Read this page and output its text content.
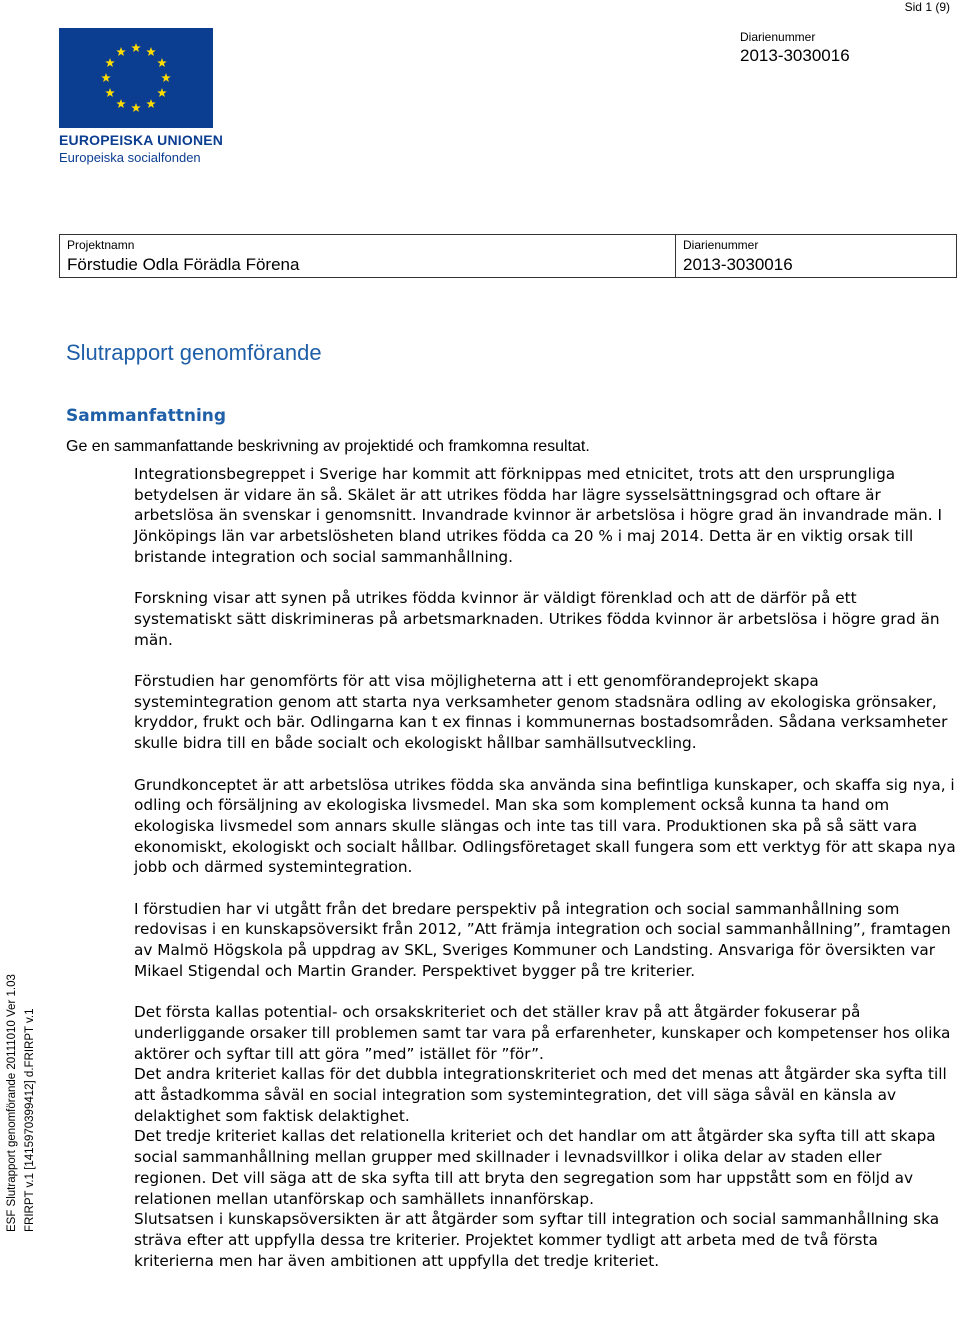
Sid 1 (9)
Diarienummer
2013-3030016
EUROPEISKA UNIONEN
Europeiska socialfonden
Projektnamn
Förstudie Odla Förädla Förena
Diarienummer
2013-3030016
Slutrapport genomförande
Sammanfattning
Ge en sammanfattande beskrivning av projektidé och framkomna resultat.

Integrationsbegreppet i Sverige har kommit att förknippas med etnicitet, trots att den ursprungliga betydelsen är vidare än så. Skälet är att utrikes födda har lägre sysselsättningsgrad och oftare är arbetslösa än svenskar i genomsnitt. Invandrade kvinnor är arbetslösa i högre grad än invandrade män. I Jönköpings län var arbetslösheten bland utrikes födda ca 20 % i maj 2014. Detta är en viktig orsak till bristande integration och social sammanhållning.

Forskning visar att synen på utrikes födda kvinnor är väldigt förenklad och att de därför på ett systematiskt sätt diskrimineras på arbetsmarknaden. Utrikes födda kvinnor är arbetslösa i högre grad än män.

Förstudien har genomförts för att visa möjligheterna att i ett genomförandeprojekt skapa systemintegration genom att starta nya verksamheter genom stadsnära odling av ekologiska grönsaker, kryddor, frukt och bär. Odlingarna kan t ex finnas i kommunernas bostadsområden. Sådana verksamheter skulle bidra till en både socialt och ekologiskt hållbar samhällsutveckling.

Grundkonceptet är att arbetslösa utrikes födda ska använda sina befintliga kunskaper, och skaffa sig nya, i odling och försäljning av ekologiska livsmedel. Man ska som komplement också kunna ta hand om ekologiska livsmedel som annars skulle slängas och inte tas till vara. Produktionen ska på så sätt vara ekonomiskt, ekologiskt och socialt hållbar. Odlingsföretaget skall fungera som ett verktyg för att skapa nya jobb och därmed systemintegration.

I förstudien har vi utgått från det bredare perspektiv på integration och social sammanhållning som redovisas i en kunskapsöversikt från 2012, ”Att främja integration och social sammanhållning”, framtagen av Malmö Högskola på uppdrag av SKL, Sveriges Kommuner och Landsting. Ansvariga för översikten var Mikael Stigendal och Martin Grander. Perspektivet bygger på tre kriterier.

Det första kallas potential- och orsakskriteriet och det ställer krav på att åtgärder fokuserar på underliggande orsaker till problemen samt tar vara på erfarenheter, kunskaper och kompetenser hos olika aktörer och syftar till att göra ”med” istället för ”för”.

Det andra kriteriet kallas för det dubbla integrationskriteriet och med det menas att åtgärder ska syfta till att åstadkomma såväl en social integration som systemintegration, det vill säga såväl en känsla av delaktighet som faktisk delaktighet.

Det tredje kriteriet kallas det relationella kriteriet och det handlar om att åtgärder ska syfta till att skapa social sammanhållning mellan grupper med skillnader i levnadsvillkor i olika delar av staden eller regionen. Det vill säga att de ska syfta till att bryta den segregation som har uppstått som en följd av relationen mellan utanförskap och samhällets innanförskap.

Slutsatsen i kunskapsöversikten är att åtgärder som syftar till integration och social sammanhållning ska sträva efter att uppfylla dessa tre kriterier. Projektet kommer tydligt att arbeta med de två första kriterierna men har även ambitionen att uppfylla det tredje kriteriet.

ESF Slutrapport genomförande 20111010 Ver 1.03 FRIRPT v.1 [1415970399412] d.FRIRPT v.1
